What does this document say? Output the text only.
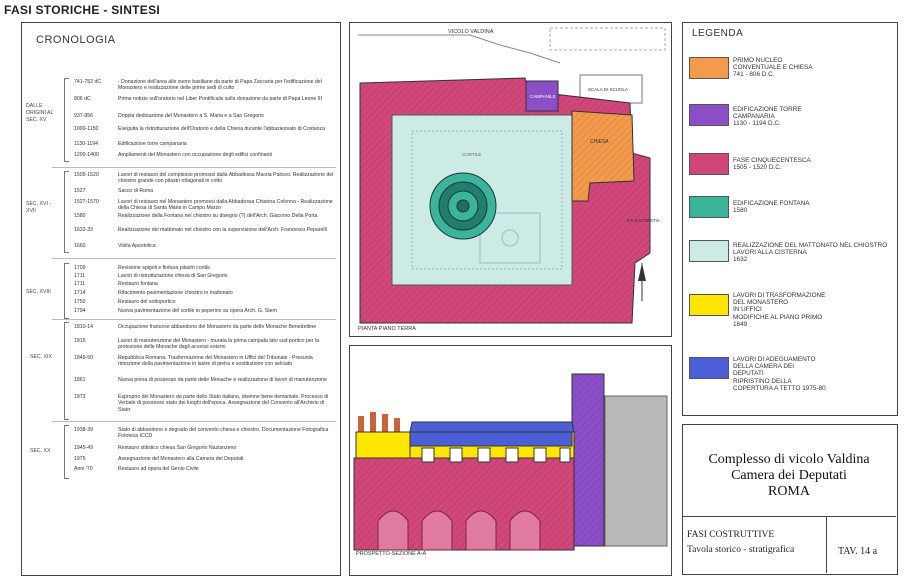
FASI STORICHE - SINTESI
CRONOLOGIA
DALLE ORIGINI AL SEC. XV
SEC. XVI - XVII
SEC. XVIII
SEC. XIX
SEC. XX
741-752 dC	- Donazione dell'area alle suore basiliane da parte di Papa Zaccaria per l'edificazione del Monastero e realizzazione delle prime sedi di culto
806 dC	Prime notizie sull'oratorio nel Liber Pontificalis sulla donazione da parte di Papa Leone III
937-956	Doppia dedicazione del Monastero a S. Maria e a San Gregorio
1000-1150	Eseguita la ristrutturazione dell'Oratorio e della Chiesa durante l'abbaziessato di Costanza
1130-1194	Edificazione torre campanaria
1200-1400	Ampliamenti del Monastero con occupazione degli edifici confinanti
1505-1520	Lavori di restauro del complesso promossi dalla Abbadessa Marzia Palcesi. Realizzazione del chiostro grande con pilastri ottagonali in cotto
1527	Sacco di Roma
1527-1570	Lavori di restauro nel Monastero promossi dalla Abbadessa Chiarina Colonna - Realizzazione della Chiesa di Santa Maria in Campo Marzo
1580	Realizzazione della Fontana nel chiostro su disegno (?) dell'Arch. Giacomo Della Porta
1632-33	Realizzazione del mattonato nel chiostro con la supervisione dell'Arch. Francesco Peparelli
1660	Visita Apostolica
1709	Revisione spigoli e finitura pilastri cortile
1711	Lavori di ristrutturazione chiesa di San Gregorio
1711	Restauro fontana
1714	Rifacimento pavimentazione chiostro in mattonato
1750	Restauro del sottoportico
1794	Nuova pavimentazione del cortile in peperino su opera Arch. G. Stern
1810-14	Occupazione francese abbandono del Monastero da parte delle Monache Benedettine
1815	Lavori di manutenzione del Monastero - murata la prima campata lato sud portico per la protezione delle Monache dagli accessi esterni
1849-50	Repubblica Romana. Trasformazione del Monastero in Uffici del Tribunale - Presunta rimozione della pavimentazione in lastre di pietra e sostituzione con selciato
1861	Nuova presa di possesso da parte delle Monache e realizzazione di lavori di manutenzione
1873	Esproprio del Monastero da parte dello Stato italiano, divenne bene demaniale. Processo di Verbale di possesso stato dei luoghi dell'epoca. Assegnazione del Convento all'Archivio di Stato
1938-39	Stato di abbandono e degrado del convento chiesa e chiostro. Documentazione Fotografica Fototeca ICCD
1945-49	Restauro stilistico chiesa San Gregorio Nazianzeno
1975	Assegnazione del Monastero alla Camera dei Deputati
Anni '70	Restauro ad opera del Genio Civile
VICOLO VALDINA
CAMPANILE
SCALA DI SCUOLA
CHIESA
CORTILE
EX SACRESTIA
PIANTA PIANO TERRA
PROSPETTO-SEZIONE A-A
LEGENDA
PRIMO NUCLEO
CONVENTUALE E CHIESA
741 - 806 D.C.
EDIFICAZIONE TORRE
CAMPANARIA
1130 - 1194 D.C.
FASE CINQUECENTESCA
1505 - 1520 D.C.
EDIFICAZIONE FONTANA
1580
REALIZZAZIONE DEL MATTONATO NEL CHIOSTRO
LAVORI ALLA CISTERNA
1632
LAVORI DI TRASFORMAZIONE
DEL MONASTERO
IN UFFICI
MODIFICHE AL PIANO PRIMO
1849
LAVORI DI ADEGUAMENTO
DELLA CAMERA DEI
DEPUTATI
RIPRISTINO DELLA
COPERTURA A TETTO 1975-80
Complesso di vicolo Valdina
Camera dei Deputati
ROMA
FASI COSTRUTTIVE
Tavola storico - stratigrafica	TAV. 14 a
